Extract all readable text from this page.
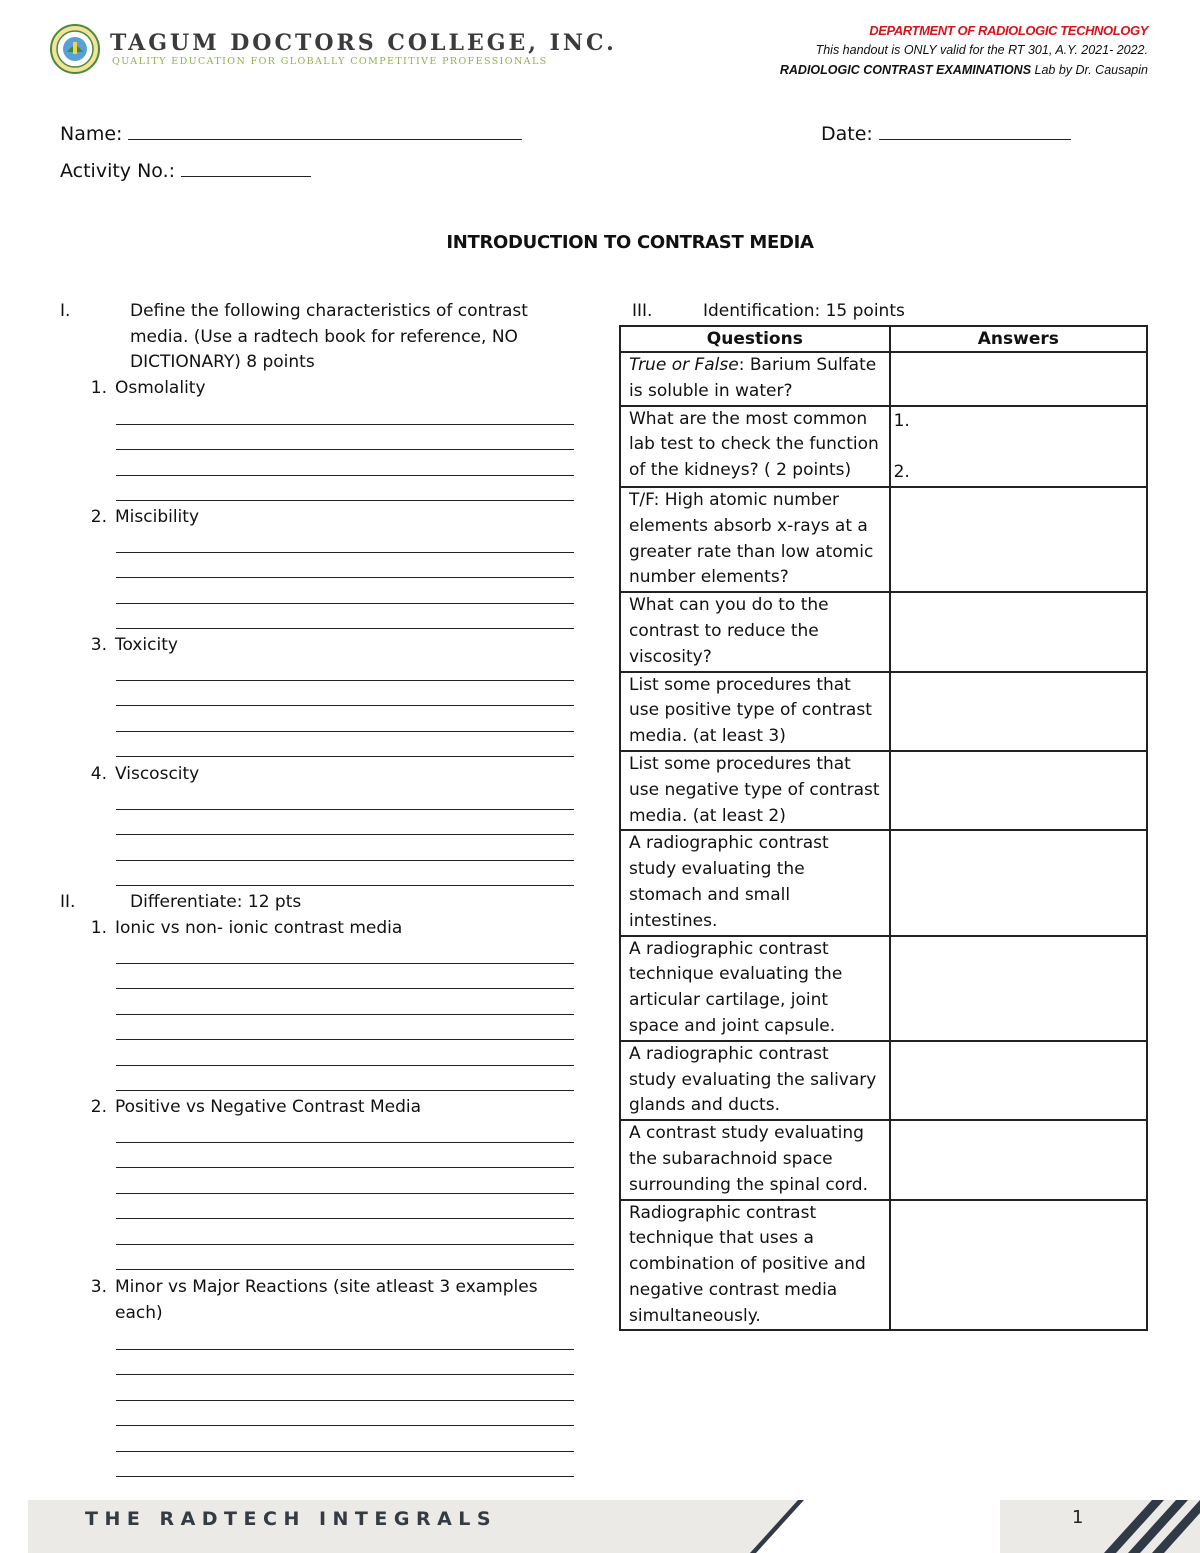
TAGUM DOCTORS COLLEGE, INC.
QUALITY EDUCATION FOR GLOBALLY COMPETITIVE PROFESSIONALS
DEPARTMENT OF RADIOLOGIC TECHNOLOGY
This handout is ONLY valid for the RT 301, A.Y. 2021- 2022.
RADIOLOGIC CONTRAST EXAMINATIONS Lab by Dr. Causapin
Name:	Date:
Activity No.:
INTRODUCTION TO CONTRAST MEDIA
I.	Define the following characteristics of contrast media. (Use a radtech book for reference, NO DICTIONARY) 8 points
1. Osmolality
2. Miscibility
3. Toxicity
4. Viscoscity
II.	Differentiate: 12 pts
1. Ionic vs non- ionic contrast media
2. Positive vs Negative Contrast Media
3. Minor vs Major Reactions (site atleast 3 examples each)
III.	Identification: 15 points
Questions	Answers
True or False: Barium Sulfate is soluble in water?	

What are the most common lab test to check the function of the kidneys? ( 2 points)	1.
2.

T/F: High atomic number elements absorb x-rays at a greater rate than low atomic number elements?	

What can you do to the contrast to reduce the viscosity?	

List some procedures that use positive type of contrast media. (at least 3)	

List some procedures that use negative type of contrast media. (at least 2)	

A radiographic contrast study evaluating the stomach and small intestines.	

A radiographic contrast technique evaluating the articular cartilage, joint space and joint capsule.	

A radiographic contrast study evaluating the salivary glands and ducts.	

A contrast study evaluating the subarachnoid space surrounding the spinal cord.	

Radiographic contrast technique that uses a combination of positive and negative contrast media simultaneously.	
THE RADTECH INTEGRALS	1
